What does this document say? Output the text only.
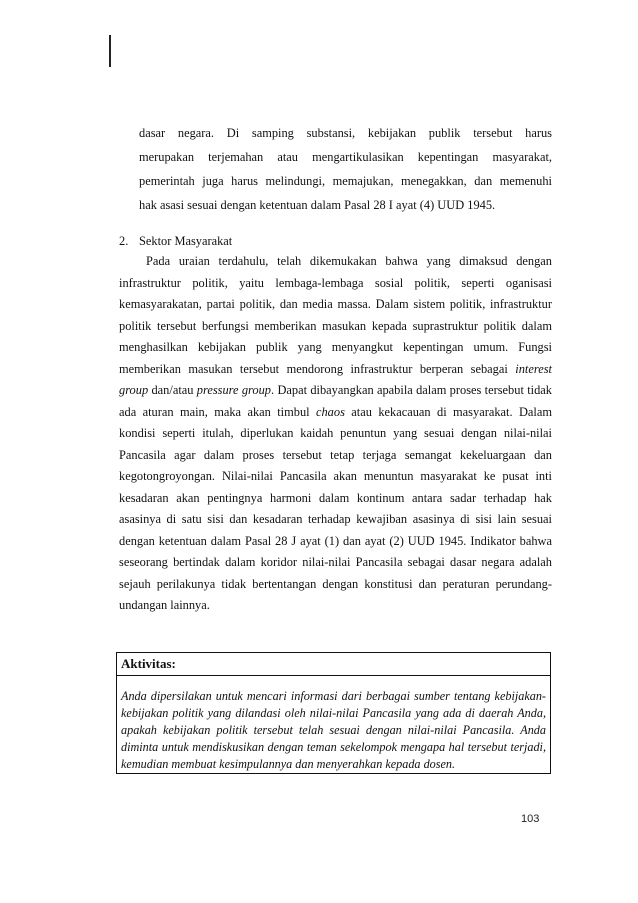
dasar negara. Di samping substansi, kebijakan publik tersebut harus
merupakan terjemahan atau mengartikulasikan kepentingan masyarakat,
pemerintah juga harus melindungi, memajukan, menegakkan, dan memenuhi
hak asasi sesuai dengan ketentuan dalam Pasal 28 I ayat (4) UUD 1945.
2. Sektor Masyarakat
Pada uraian terdahulu, telah dikemukakan bahwa yang dimaksud dengan infrastruktur politik, yaitu lembaga-lembaga sosial politik, seperti oganisasi kemasyarakatan, partai politik, dan media massa. Dalam sistem politik, infrastruktur politik tersebut berfungsi memberikan masukan kepada suprastruktur politik dalam menghasilkan kebijakan publik yang menyangkut kepentingan umum. Fungsi memberikan masukan tersebut mendorong infrastruktur berperan sebagai interest group dan/atau pressure group. Dapat dibayangkan apabila dalam proses tersebut tidak ada aturan main, maka akan timbul chaos atau kekacauan di masyarakat. Dalam kondisi seperti itulah, diperlukan kaidah penuntun yang sesuai dengan nilai-nilai Pancasila agar dalam proses tersebut tetap terjaga semangat kekeluargaan dan kegotongroyongan. Nilai-nilai Pancasila akan menuntun masyarakat ke pusat inti kesadaran akan pentingnya harmoni dalam kontinum antara sadar terhadap hak asasinya di satu sisi dan kesadaran terhadap kewajiban asasinya di sisi lain sesuai dengan ketentuan dalam Pasal 28 J ayat (1) dan ayat (2) UUD 1945. Indikator bahwa seseorang bertindak dalam koridor nilai-nilai Pancasila sebagai dasar negara adalah sejauh perilakunya tidak bertentangan dengan konstitusi dan peraturan perundang-undangan lainnya.
Aktivitas:
Anda dipersilakan untuk mencari informasi dari berbagai sumber tentang kebijakan-kebijakan politik yang dilandasi oleh nilai-nilai Pancasila yang ada di daerah Anda, apakah kebijakan politik tersebut telah sesuai dengan nilai-nilai Pancasila. Anda diminta untuk mendiskusikan dengan teman sekelompok mengapa hal tersebut terjadi, kemudian membuat kesimpulannya dan menyerahkan kepada dosen.
103
